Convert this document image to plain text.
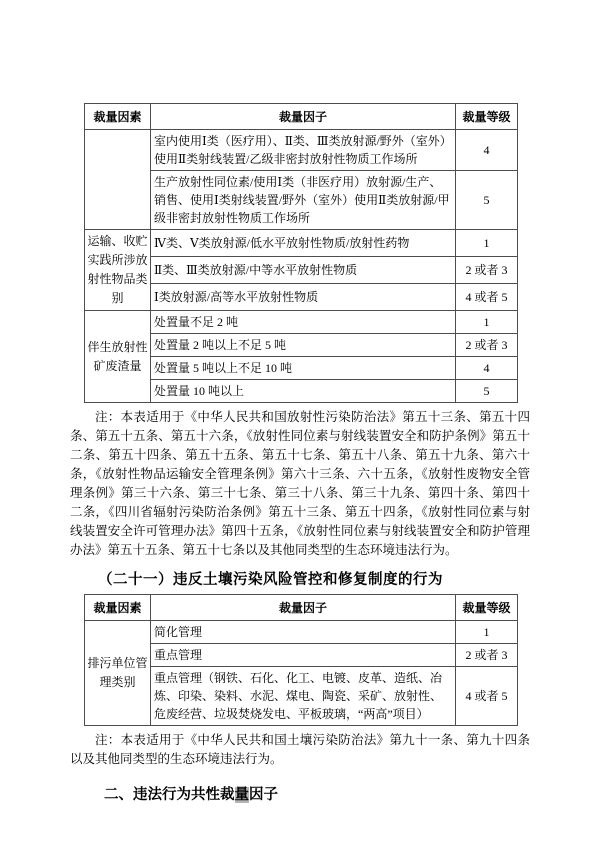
裁量因素	裁量因子	裁量等级
	室内使用Ⅰ类（医疗用）、Ⅱ类、Ⅲ类放射源/野外（室外）使用Ⅱ类射线装置/乙级非密封放射性物质工作场所	4
	生产放射性同位素/使用Ⅰ类（非医疗用）放射源/生产、销售、使用Ⅰ类射线装置/野外（室外）使用Ⅱ类放射源/甲级非密封放射性物质工作场所	5
运输、收贮实践所涉放射性物品类别	Ⅳ类、Ⅴ类放射源/低水平放射性物质/放射性药物	1
	Ⅱ类、Ⅲ类放射源/中等水平放射性物质	2 或者 3
	Ⅰ类放射源/高等水平放射性物质	4 或者 5
伴生放射性矿废渣量	处置量不足 2 吨	1
	处置量 2 吨以上不足 5 吨	2 或者 3
	处置量 5 吨以上不足 10 吨	4
	处置量 10 吨以上	5

注：本表适用于《中华人民共和国放射性污染防治法》第五十三条、第五十四条、第五十五条、第五十六条，《放射性同位素与射线装置安全和防护条例》第五十二条、第五十四条、第五十五条、第五十七条、第五十八条、第五十九条、第六十条，《放射性物品运输安全管理条例》第六十三条、六十五条，《放射性废物安全管理条例》第三十六条、第三十七条、第三十八条、第三十九条、第四十条、第四十二条，《四川省辐射污染防治条例》第五十三条、第五十四条，《放射性同位素与射线装置安全许可管理办法》第四十五条，《放射性同位素与射线装置安全和防护管理办法》第五十五条、第五十七条以及其他同类型的生态环境违法行为。

（二十一）违反土壤污染风险管控和修复制度的行为
裁量因素	裁量因子	裁量等级
排污单位管理类别	简化管理	1
	重点管理	2 或者 3
	重点管理（钢铁、石化、化工、电镀、皮革、造纸、冶炼、印染、染料、水泥、煤电、陶瓷、采矿、放射性、危废经营、垃圾焚烧发电、平板玻璃，“两高”项目）	4 或者 5

注：本表适用于《中华人民共和国土壤污染防治法》第九十一条、第九十四条以及其他同类型的生态环境违法行为。

二、违法行为共性裁量因子
